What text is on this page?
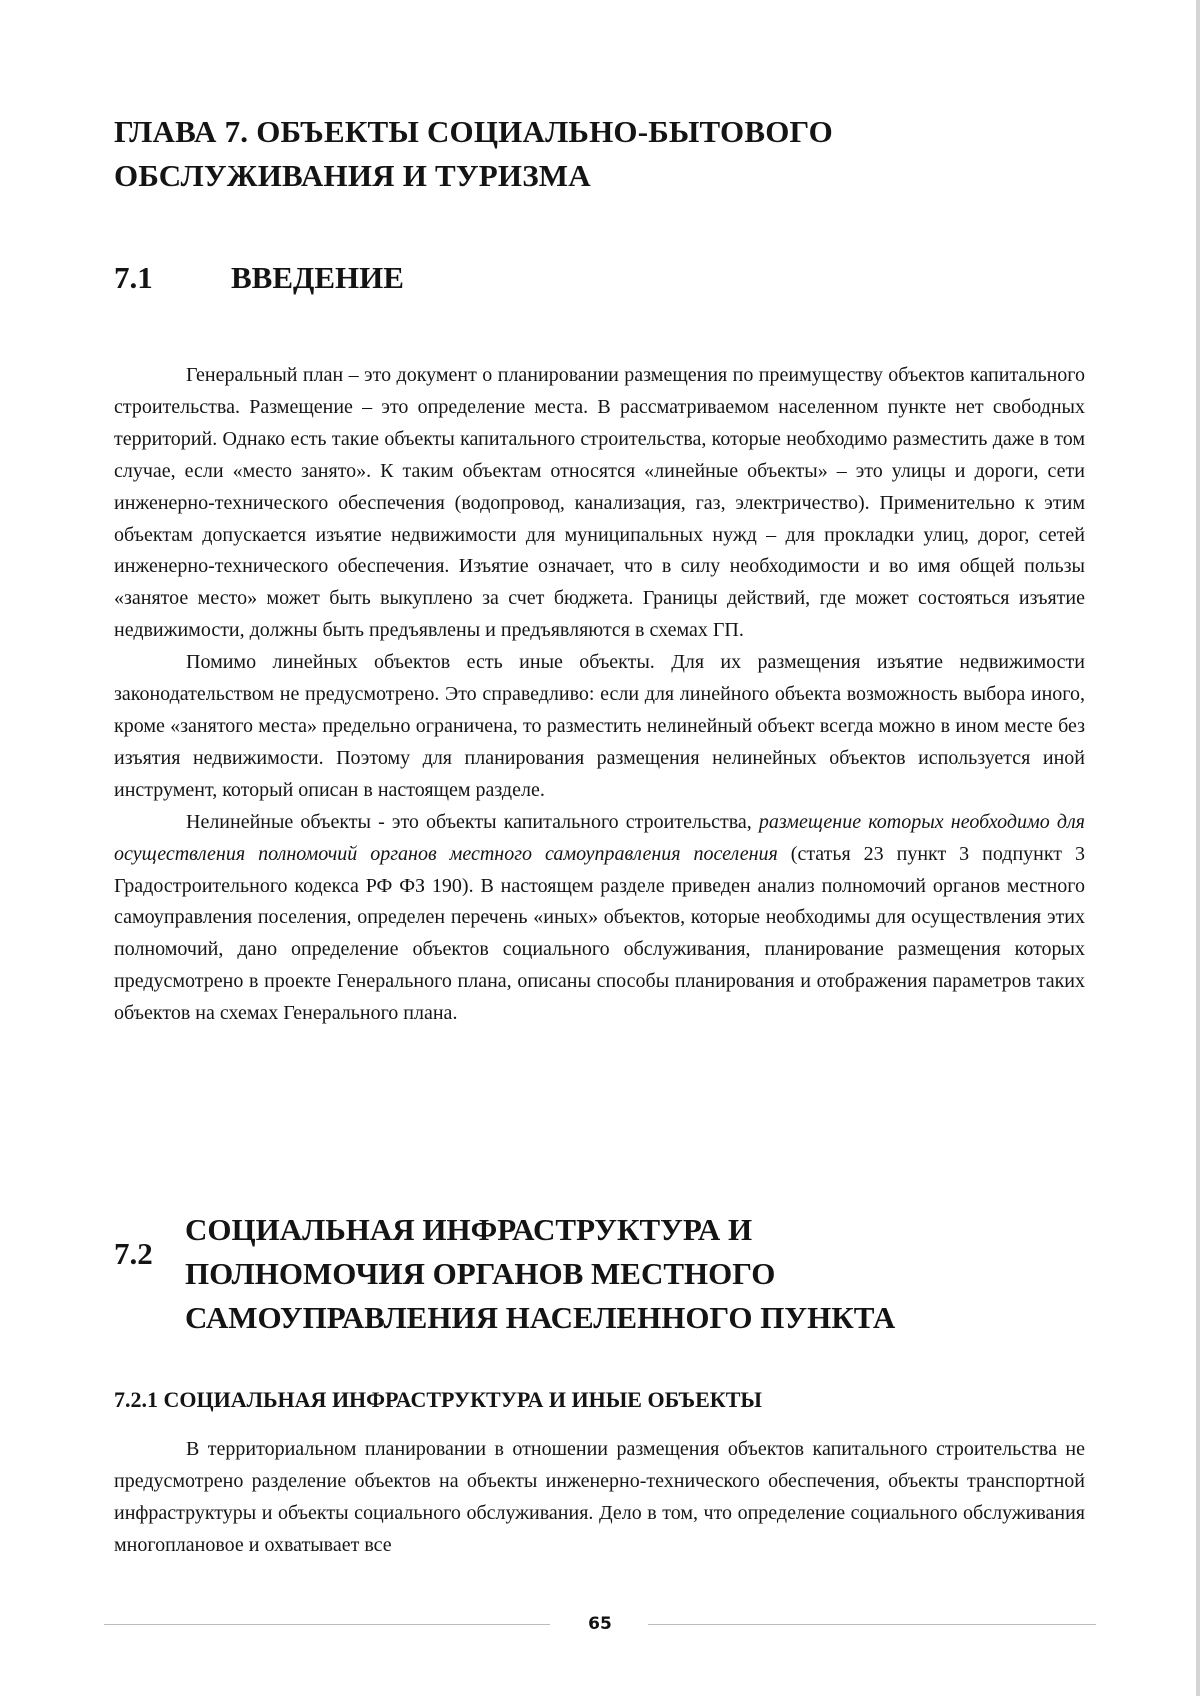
ГЛАВА 7. ОБЪЕКТЫ СОЦИАЛЬНО-БЫТОВОГО
ОБСЛУЖИВАНИЯ И ТУРИЗМА
7.1	ВВЕДЕНИЕ

Генеральный план – это документ о планировании размещения по преимуществу объектов капитального строительства. Размещение – это определение места. В рассматриваемом населенном пункте нет свободных территорий. Однако есть такие объекты капитального строительства, которые необходимо разместить даже в том случае, если «место занято». К таким объектам относятся «линейные объекты» – это улицы и дороги, сети инженерно-технического обеспечения (водопровод, канализация, газ, электричество). Применительно к этим объектам допускается изъятие недвижимости для муниципальных нужд – для прокладки улиц, дорог, сетей инженерно-технического обеспечения. Изъятие означает, что в силу необходимости и во имя общей пользы «занятое место» может быть выкуплено за счет бюджета. Границы действий, где может состояться изъятие недвижимости, должны быть предъявлены и предъявляются в схемах ГП.

Помимо линейных объектов есть иные объекты. Для их размещения изъятие недвижимости законодательством не предусмотрено. Это справедливо: если для линейного объекта возможность выбора иного, кроме «занятого места» предельно ограничена, то разместить нелинейный объект всегда можно в ином месте без изъятия недвижимости. Поэтому для планирования размещения нелинейных объектов используется иной инструмент, который описан в настоящем разделе.

Нелинейные объекты - это объекты капитального строительства, размещение которых необходимо для осуществления полномочий органов местного самоуправления поселения (статья 23 пункт 3 подпункт 3 Градостроительного кодекса РФ ФЗ 190). В настоящем разделе приведен анализ полномочий органов местного самоуправления поселения, определен перечень «иных» объектов, которые необходимы для осуществления этих полномочий, дано определение объектов социального обслуживания, планирование размещения которых предусмотрено в проекте Генерального плана, описаны способы планирования и отображения параметров таких объектов на схемах Генерального плана.

7.2
СОЦИАЛЬНАЯ ИНФРАСТРУКТУРА И
ПОЛНОМОЧИЯ ОРГАНОВ МЕСТНОГО
САМОУПРАВЛЕНИЯ НАСЕЛЕННОГО ПУНКТА
7.2.1 СОЦИАЛЬНАЯ ИНФРАСТРУКТУРА И ИНЫЕ ОБЪЕКТЫ

В территориальном планировании в отношении размещения объектов капитального строительства не предусмотрено разделение объектов на объекты инженерно-технического обеспечения, объекты транспортной инфраструктуры и объекты социального обслуживания. Дело в том, что определение социального обслуживания многоплановое и охватывает все

65
